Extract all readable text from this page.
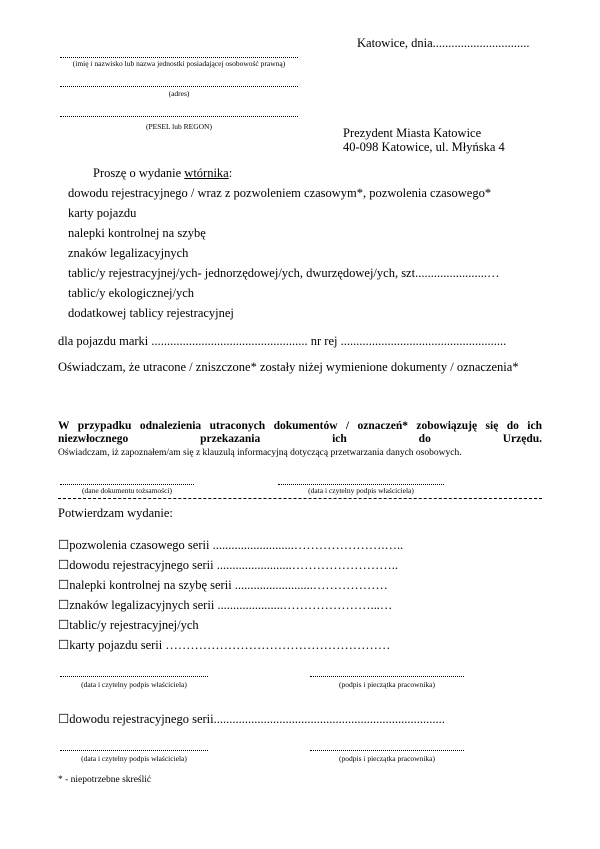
Katowice, dnia...............................
(imię i nazwisko lub nazwa jednostki posiadającej osobowość prawną)
(adres)
(PESEL lub REGON)	Prezydent Miasta Katowice
40-098 Katowice, ul. Młyńska 4
Proszę o wydanie wtórnika:
dowodu rejestracyjnego / wraz z pozwoleniem czasowym*, pozwolenia czasowego*
karty pojazdu
nalepki kontrolnej na szybę
znaków legalizacyjnych
tablic/y rejestracyjnej/ych- jednorzędowej/ych, dwurzędowej/ych, szt.......................…
tablic/y ekologicznej/ych
dodatkowej tablicy rejestracyjnej
dla pojazdu marki .................................................. nr rej .....................................................
Oświadczam, że utracone / zniszczone* zostały niżej wymienione dokumenty / oznaczenia*
W przypadku odnalezienia utraconych dokumentów / oznaczeń* zobowiązuję się do ich niezwłocznego przekazania ich do Urzędu.
Oświadczam, iż zapoznałem/am się z klauzulą informacyjną dotyczącą przetwarzania danych osobowych.
(dane dokumentu tożsamości)	(data i czytelny podpis właściciela)
Potwierdzam wydanie:
☐pozwolenia czasowego serii ..........................………………….…..
☐dowodu rejestracyjnego serii ........................……………………..
☐nalepki kontrolnej na szybę serii .........................………………
☐znaków legalizacyjnych serii .....................…………………...…
☐tablic/y rejestracyjnej/ych
☐karty pojazdu serii ………………………………………………
(data i czytelny podpis właściciela)	(podpis i pieczątka pracownika)
☐dowodu rejestracyjnego serii..........................................................................
(data i czytelny podpis właściciela)	(podpis i pieczątka pracownika)
* - niepotrzebne skreślić
